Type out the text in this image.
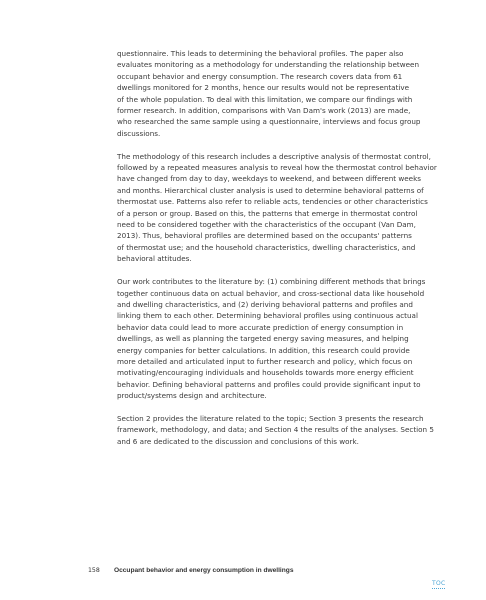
questionnaire. This leads to determining the behavioral profiles. The paper also
evaluates monitoring as a methodology for understanding the relationship between
occupant behavior and energy consumption. The research covers data from 61
dwellings monitored for 2 months, hence our results would not be representative
of the whole population. To deal with this limitation, we compare our findings with
former research. In addition, comparisons with Van Dam's work (2013) are made,
who researched the same sample using a questionnaire, interviews and focus group
discussions.

The methodology of this research includes a descriptive analysis of thermostat control,
followed by a repeated measures analysis to reveal how the thermostat control behavior
have changed from day to day, weekdays to weekend, and between different weeks
and months. Hierarchical cluster analysis is used to determine behavioral patterns of
thermostat use. Patterns also refer to reliable acts, tendencies or other characteristics
of a person or group. Based on this, the patterns that emerge in thermostat control
need to be considered together with the characteristics of the occupant (Van Dam,
2013). Thus, behavioral profiles are determined based on the occupants' patterns
of thermostat use; and the household characteristics, dwelling characteristics, and
behavioral attitudes.

Our work contributes to the literature by: (1) combining different methods that brings
together continuous data on actual behavior, and cross-sectional data like household
and dwelling characteristics, and (2) deriving behavioral patterns and profiles and
linking them to each other. Determining behavioral profiles using continuous actual
behavior data could lead to more accurate prediction of energy consumption in
dwellings, as well as planning the targeted energy saving measures, and helping
energy companies for better calculations. In addition, this research could provide
more detailed and articulated input to further research and policy, which focus on
motivating/encouraging individuals and households towards more energy efficient
behavior. Defining behavioral patterns and profiles could provide significant input to
product/systems design and architecture.

Section 2 provides the literature related to the topic; Section 3 presents the research
framework, methodology, and data; and Section 4 the results of the analyses. Section 5
and 6 are dedicated to the discussion and conclusions of this work.

158 Occupant behavior and energy consumption in dwellings
TOC
